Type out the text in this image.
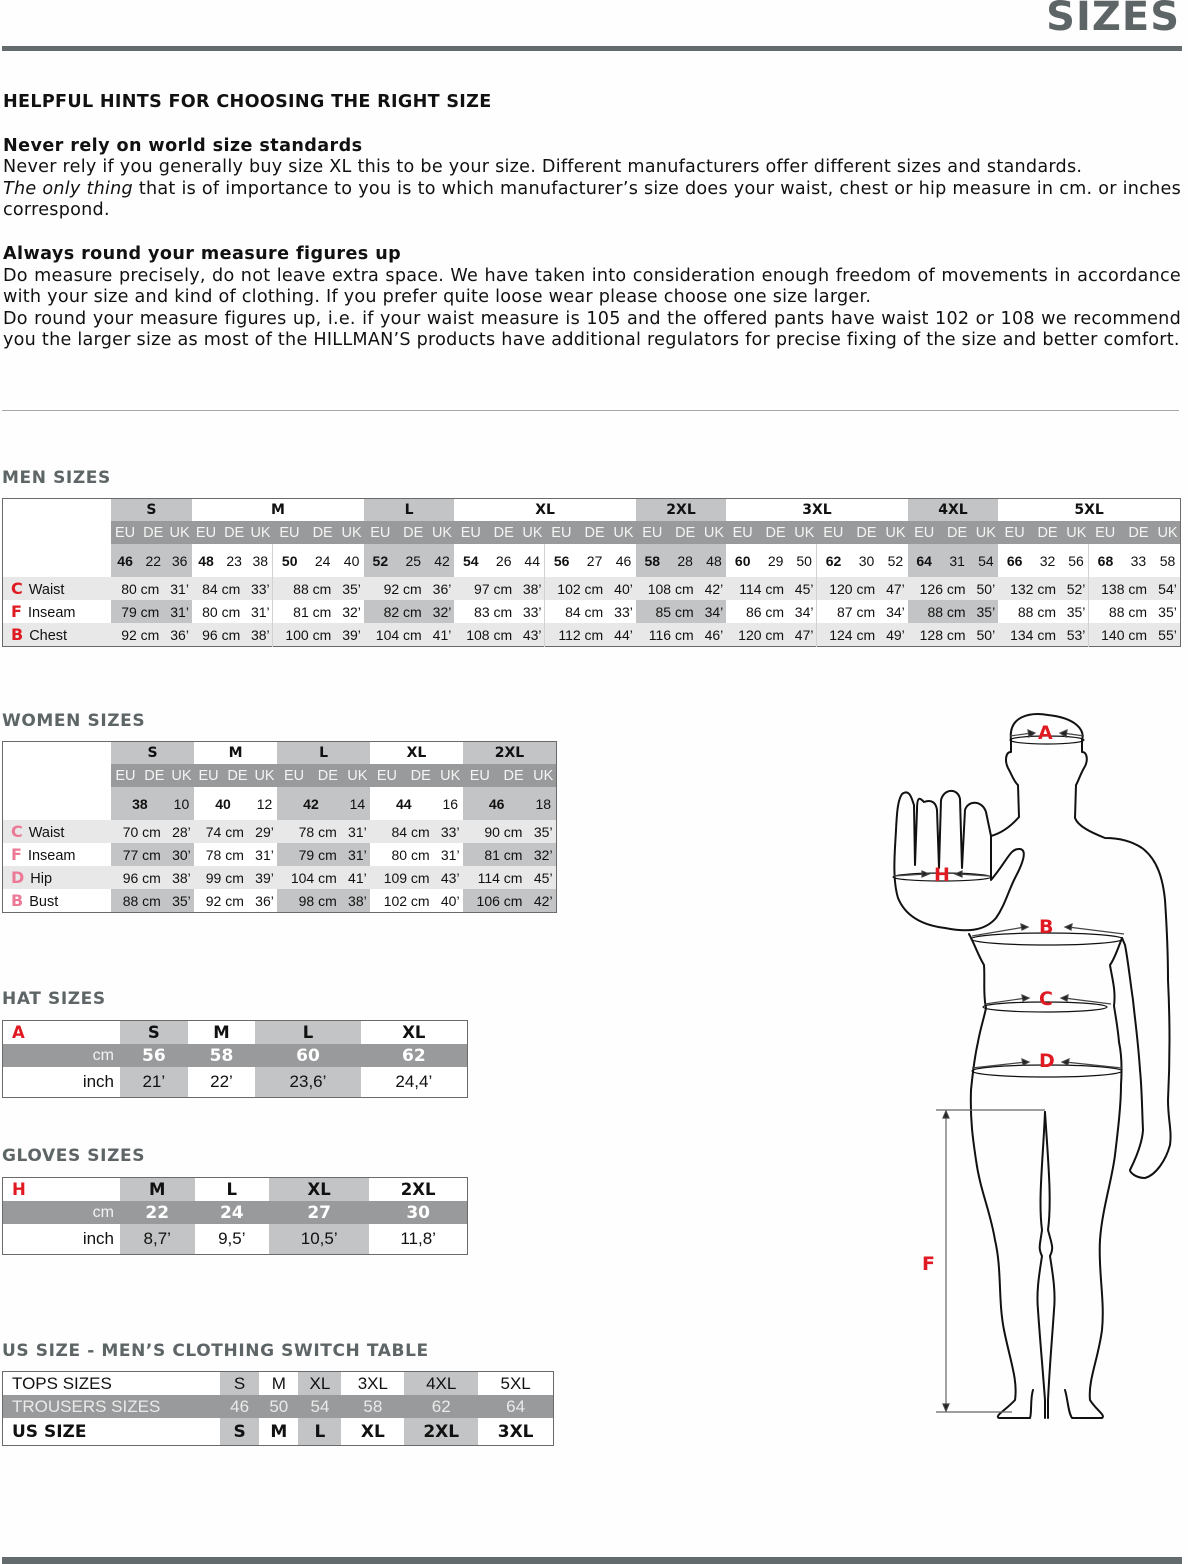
SIZES
HELPFUL HINTS FOR CHOOSING THE RIGHT SIZE
Never rely on world size standards

Never rely if you generally buy size XL this to be your size. Different manufacturers offer different sizes and standards.
The only thing that is of importance to you is to which manufacturer’s size does your waist, chest or hip measure in cm. or inches correspond.

Always round your measure figures up

Do measure precisely, do not leave extra space. We have taken into consideration enough freedom of movements in accordance with your size and kind of clothing. If you prefer quite loose wear please choose one size larger.

Do round your measure figures up, i.e. if your waist measure is 105 and the offered pants have waist 102 or 108 we recommend you the larger size as most of the HILLMAN’S products have additional regulators for precise fixing of the size and better comfort.

MEN SIZES
	S			M						L			XL						2XL			3XL						4XL			5XL					
	EU	DE	UK	EU	DE	UK	EU	DE	UK	EU	DE	UK	EU	DE	UK	EU	DE	UK	EU	DE	UK	EU	DE	UK	EU	DE	UK	EU	DE	UK	EU	DE	UK	EU	DE	UK
	46	22	36	48	23	38	50	24	40	52	25	42	54	26	44	56	27	46	58	28	48	60	29	50	62	30	52	64	31	54	66	32	56	68	33	58
C Waist	80 cm		31’	84 cm		33’	88 cm		35’	92 cm		36’	97 cm		38’	102 cm		40’	108 cm		42’	114 cm		45’	120 cm		47’	126 cm		50’	132 cm		52’	138 cm		54’
F Inseam	79 cm		31’	80 cm		31’	81 cm		32’	82 cm		32’	83 cm		33’	84 cm		33’	85 cm		34’	86 cm		34’	87 cm		34’	88 cm		35’	88 cm		35’	88 cm		35’
B Chest	92 cm		36’	96 cm		38’	100 cm		39’	104 cm		41’	108 cm		43’	112 cm		44’	116 cm		46’	120 cm		47’	124 cm		49’	128 cm		50’	134 cm		53’	140 cm		55’
WOMEN SIZES
	S			M			L			XL			2XL		
	EU	DE	UK	EU	DE	UK	EU	DE	UK	EU	DE	UK	EU	DE	UK
	38		10	40		12	42		14	44		16	46		18
C Waist	70 cm		28’	74 cm		29’	78 cm		31’	84 cm		33’	90 cm		35’
F Inseam	77 cm		30’	78 cm		31’	79 cm		31’	80 cm		31’	81 cm		32’
D Hip	96 cm		38’	99 cm		39’	104 cm		41’	109 cm		43’	114 cm		45’
B Bust	88 cm		35’	92 cm		36’	98 cm		38’	102 cm		40’	106 cm		42’
HAT SIZES
A	S	M	L	XL
cm	56	58	60	62
inch	21’	22’	23,6’	24,4’
GLOVES SIZES
H	M	L	XL	2XL
cm	22	24	27	30
inch	8,7’	9,5’	10,5’	11,8’
US SIZE - MEN’S CLOTHING SWITCH TABLE
TOPS SIZES	S	M	XL	3XL	4XL	5XL
TROUSERS SIZES	46	50	54	58	62	64
US SIZE	S	M	L	XL	2XL	3XL
A
H
B
C
D
F
